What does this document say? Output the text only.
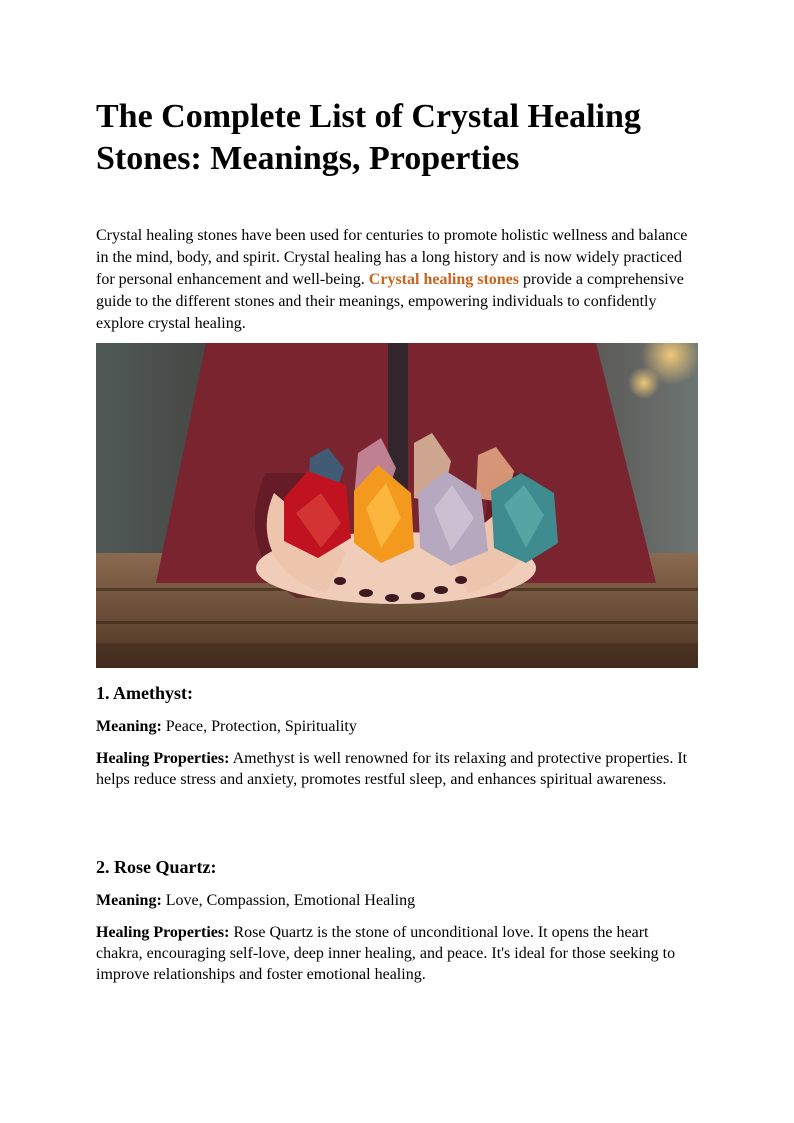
The Complete List of Crystal Healing Stones: Meanings, Properties

Crystal healing stones have been used for centuries to promote holistic wellness and balance in the mind, body, and spirit. Crystal healing has a long history and is now widely practiced for personal enhancement and well-being. Crystal healing stones provide a comprehensive guide to the different stones and their meanings, empowering individuals to confidently explore crystal healing.

1. Amethyst:

Meaning: Peace, Protection, Spirituality

Healing Properties: Amethyst is well renowned for its relaxing and protective properties. It helps reduce stress and anxiety, promotes restful sleep, and enhances spiritual awareness.

2. Rose Quartz:

Meaning: Love, Compassion, Emotional Healing

Healing Properties: Rose Quartz is the stone of unconditional love. It opens the heart chakra, encouraging self-love, deep inner healing, and peace. It's ideal for those seeking to improve relationships and foster emotional healing.
